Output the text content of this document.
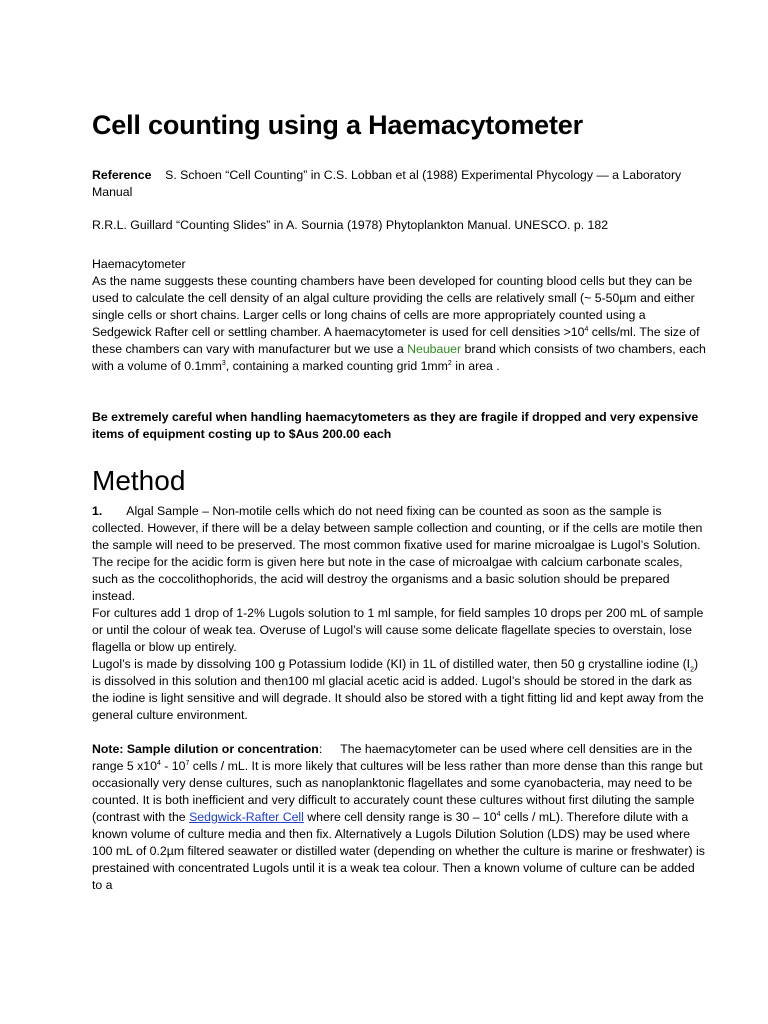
Cell counting using a Haemacytometer

Reference S. Schoen “Cell Counting” in C.S. Lobban et al (1988) Experimental Phycology — a Laboratory Manual

R.R.L. Guillard “Counting Slides” in A. Sournia (1978) Phytoplankton Manual. UNESCO. p. 182

Haemacytometer

As the name suggests these counting chambers have been developed for counting blood cells but they can be used to calculate the cell density of an algal culture providing the cells are relatively small (~ 5-50µm and either single cells or short chains. Larger cells or long chains of cells are more appropriately counted using a Sedgewick Rafter cell or settling chamber. A haemacytometer is used for cell densities $>10^4$ cells/ml. The size of these chambers can vary with manufacturer but we use a Neubauer brand which consists of two chambers, each with a volume of $0.1mm^3$, containing a marked counting grid $1mm^2$ in area .

Be extremely careful when handling haemacytometers as they are fragile if dropped and very expensive items of equipment costing up to $Aus 200.00 each

Method

1. Algal Sample – Non-motile cells which do not need fixing can be counted as soon as the sample is collected. However, if there will be a delay between sample collection and counting, or if the cells are motile then the sample will need to be preserved. The most common fixative used for marine microalgae is Lugol’s Solution. The recipe for the acidic form is given here but note in the case of microalgae with calcium carbonate scales, such as the coccolithophorids, the acid will destroy the organisms and a basic solution should be prepared instead.

For cultures add 1 drop of 1-2% Lugols solution to 1 ml sample, for field samples 10 drops per 200 mL of sample or until the colour of weak tea. Overuse of Lugol’s will cause some delicate flagellate species to overstain, lose flagella or blow up entirely.

Lugol’s is made by dissolving 100 g Potassium Iodide (KI) in 1L of distilled water, then 50 g crystalline iodine $(I_2)$ is dissolved in this solution and then100 ml glacial acetic acid is added. Lugol’s should be stored in the dark as the iodine is light sensitive and will degrade. It should also be stored with a tight fitting lid and kept away from the general culture environment.

Note: Sample dilution or concentration: The haemacytometer can be used where cell densities are in the range 5 $x10^4 - 10^7$ cells / mL. It is more likely that cultures will be less rather than more dense than this range but occasionally very dense cultures, such as nanoplanktonic flagellates and some cyanobacteria, may need to be counted. It is both inefficient and very difficult to accurately count these cultures without first diluting the sample (contrast with the Sedgwick-Rafter Cell where cell density range is $30 - 10^4$ cells / mL). Therefore dilute with a known volume of culture media and then fix. Alternatively a Lugols Dilution Solution (LDS) may be used where 100 mL of 0.2µm filtered seawater or distilled water (depending on whether the culture is marine or freshwater) is prestained with concentrated Lugols until it is a weak tea colour. Then a known volume of culture can be added to a
